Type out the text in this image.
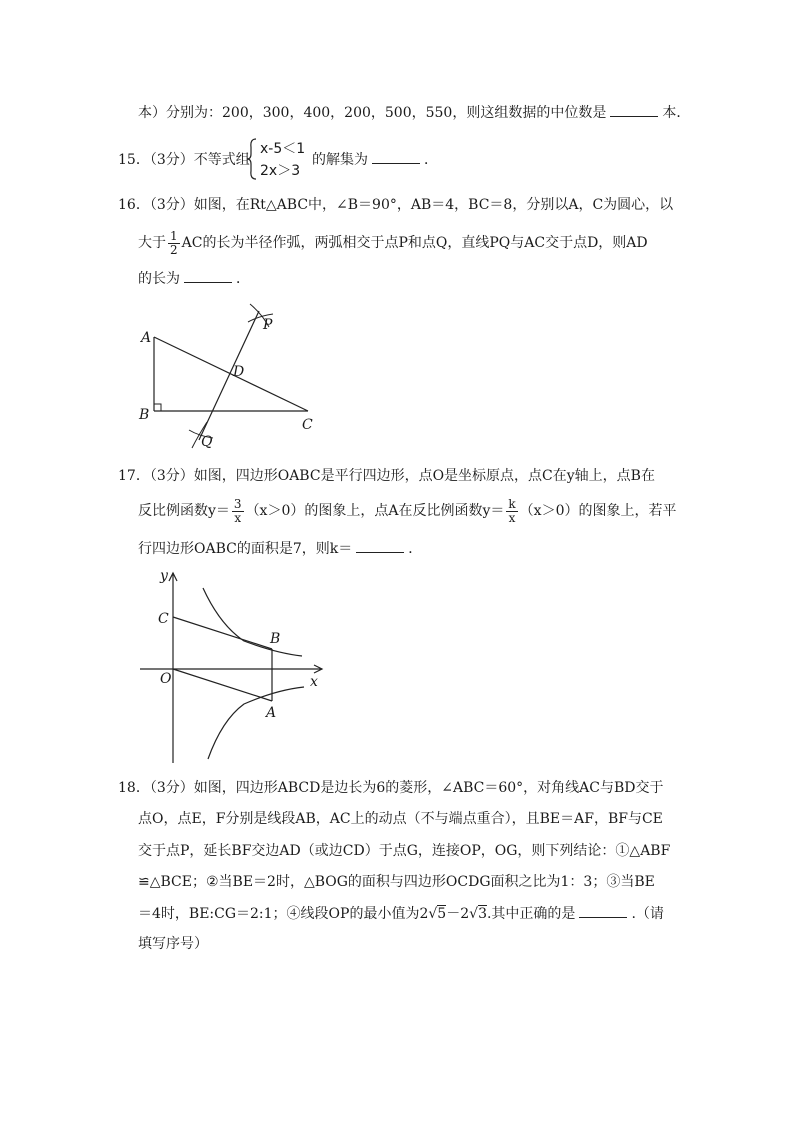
本）分别为：200，300，400，200，500，550，则这组数据的中位数是	本．
15．（3分）不等式组
x-5＜1
2x＞3
的解集为	．
16．（3分）如图，在Rt△ABC中，∠B＝90°，AB＝4，BC＝8，分别以A，C为圆心，以
大于 $\frac{1}{2}$ AC的长为半径作弧，两弧相交于点P和点Q，直线PQ与AC交于点D，则AD
的长为	．
A
B
C
D
P
Q
17．（3分）如图，四边形OABC是平行四边形，点O是坐标原点，点C在y轴上，点B在
反比例函数$y= \frac{3}{x} (x>0)$的图象上，点A在反比例函数$y= \frac{k}{x} (x>0)$的图象上，若平
行四边形OABC的面积是7，则k＝	．
y
x
C
B
O
A
18．（3分）如图，四边形ABCD是边长为6的菱形，∠ABC＝60°，对角线AC与BD交于
点O，点E，F分别是线段AB，AC上的动点（不与端点重合），且BE＝AF，BF与CE
交于点P，延长BF交边AD（或边CD）于点G，连接OP，OG，则下列结论：①△ABF
≌△BCE；②当BE＝2时，△BOG的面积与四边形OCDG面积之比为1：3；③当BE
＝4时，BE:CG＝2:1；④线段OP的最小值为2√5－2√3.其中正确的是	.（请
填写序号）
